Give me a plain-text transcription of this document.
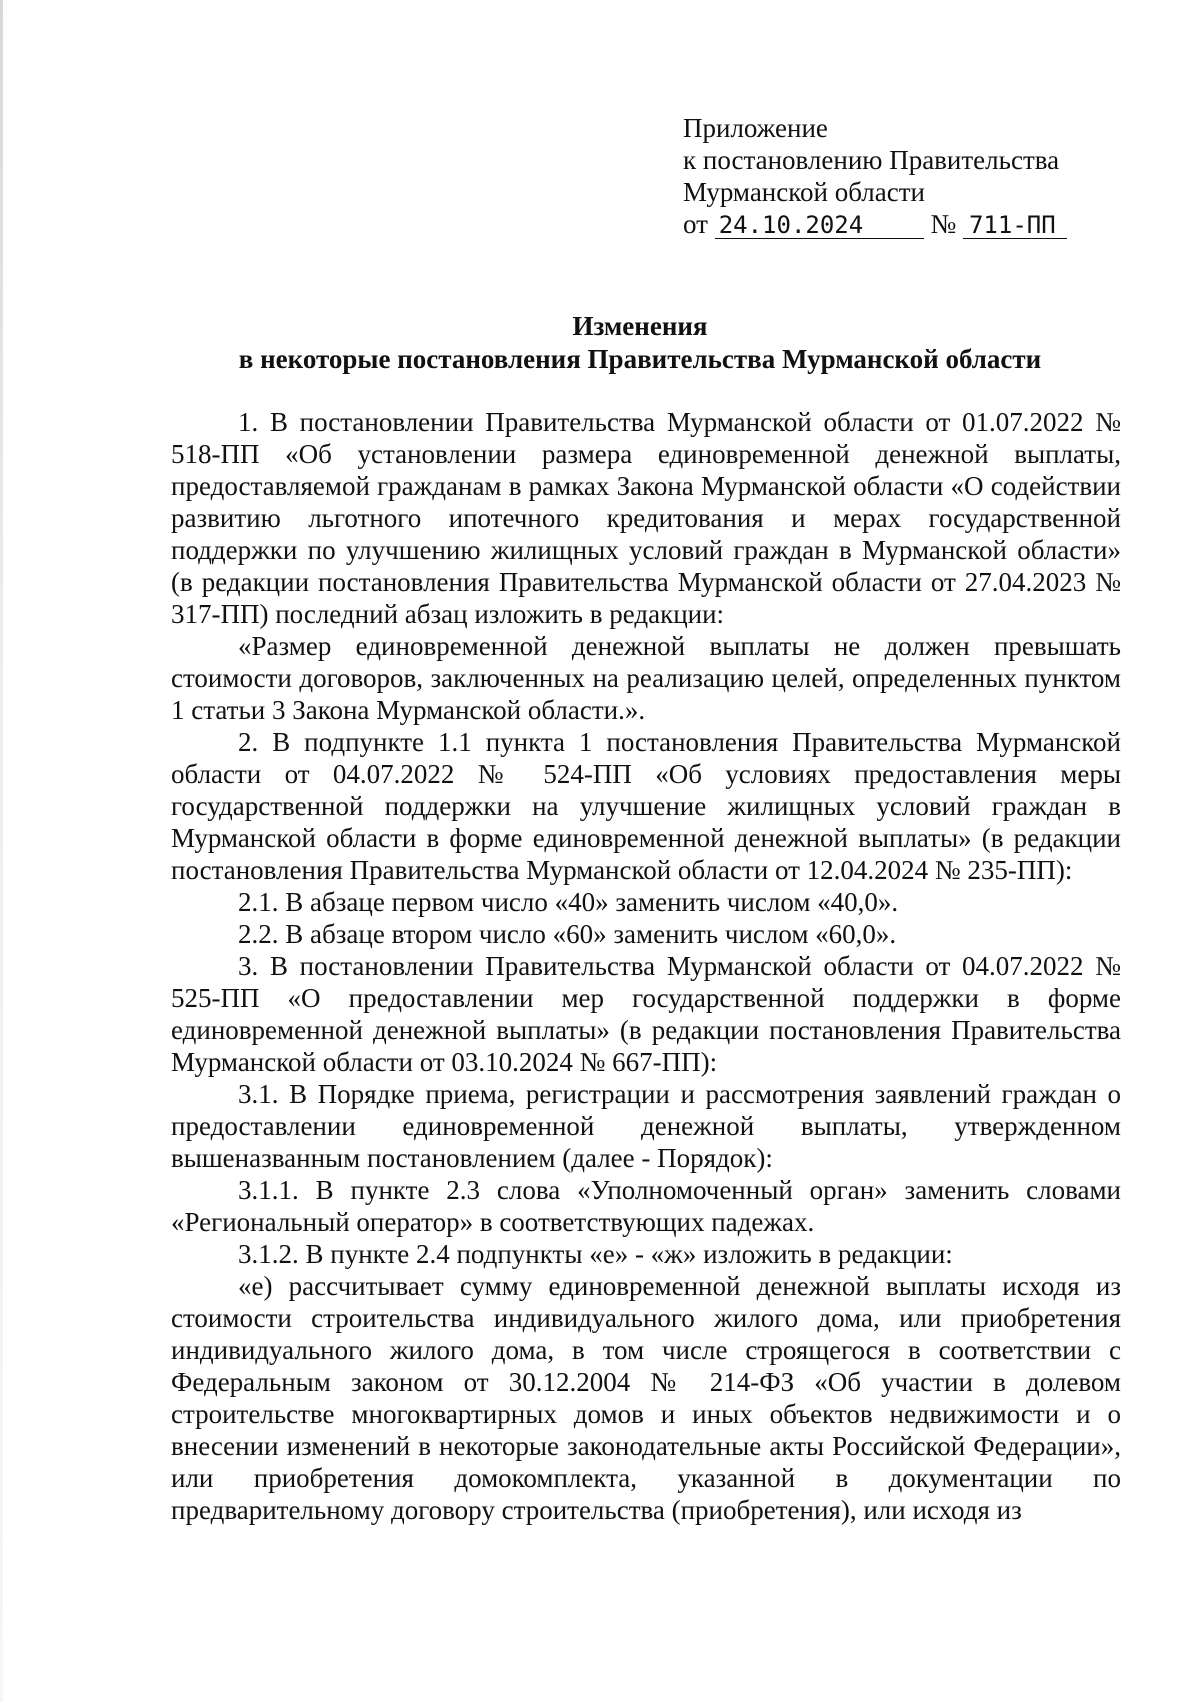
Приложение
к постановлению Правительства
Мурманской области
от 24.10.2024 № 711-ПП
Изменения
в некоторые постановления Правительства Мурманской области

1. В постановлении Правительства Мурманской области от 01.07.2022 № 518-ПП «Об установлении размера единовременной денежной выплаты, предоставляемой гражданам в рамках Закона Мурманской области «О содействии развитию льготного ипотечного кредитования и мерах государственной поддержки по улучшению жилищных условий граждан в Мурманской области» (в редакции постановления Правительства Мурманской области от 27.04.2023 № 317-ПП) последний абзац изложить в редакции:

«Размер единовременной денежной выплаты не должен превышать стоимости договоров, заключенных на реализацию целей, определенных пунктом 1 статьи 3 Закона Мурманской области.».

2. В подпункте 1.1 пункта 1 постановления Правительства Мурманской области от 04.07.2022 № 524-ПП «Об условиях предоставления меры государственной поддержки на улучшение жилищных условий граждан в Мурманской области в форме единовременной денежной выплаты» (в редакции постановления Правительства Мурманской области от 12.04.2024 № 235-ПП):

2.1. В абзаце первом число «40» заменить числом «40,0».

2.2. В абзаце втором число «60» заменить числом «60,0».

3. В постановлении Правительства Мурманской области от 04.07.2022 № 525-ПП «О предоставлении мер государственной поддержки в форме единовременной денежной выплаты» (в редакции постановления Правительства Мурманской области от 03.10.2024 № 667-ПП):

3.1. В Порядке приема, регистрации и рассмотрения заявлений граждан о предоставлении единовременной денежной выплаты, утвержденном вышеназванным постановлением (далее - Порядок):

3.1.1. В пункте 2.3 слова «Уполномоченный орган» заменить словами «Региональный оператор» в соответствующих падежах.

3.1.2. В пункте 2.4 подпункты «е» - «ж» изложить в редакции:

«е) рассчитывает сумму единовременной денежной выплаты исходя из стоимости строительства индивидуального жилого дома, или приобретения индивидуального жилого дома, в том числе строящегося в соответствии с Федеральным законом от 30.12.2004 № 214-ФЗ «Об участии в долевом строительстве многоквартирных домов и иных объектов недвижимости и о внесении изменений в некоторые законодательные акты Российской Федерации», или приобретения домокомплекта, указанной в документации по предварительному договору строительства (приобретения), или исходя из
